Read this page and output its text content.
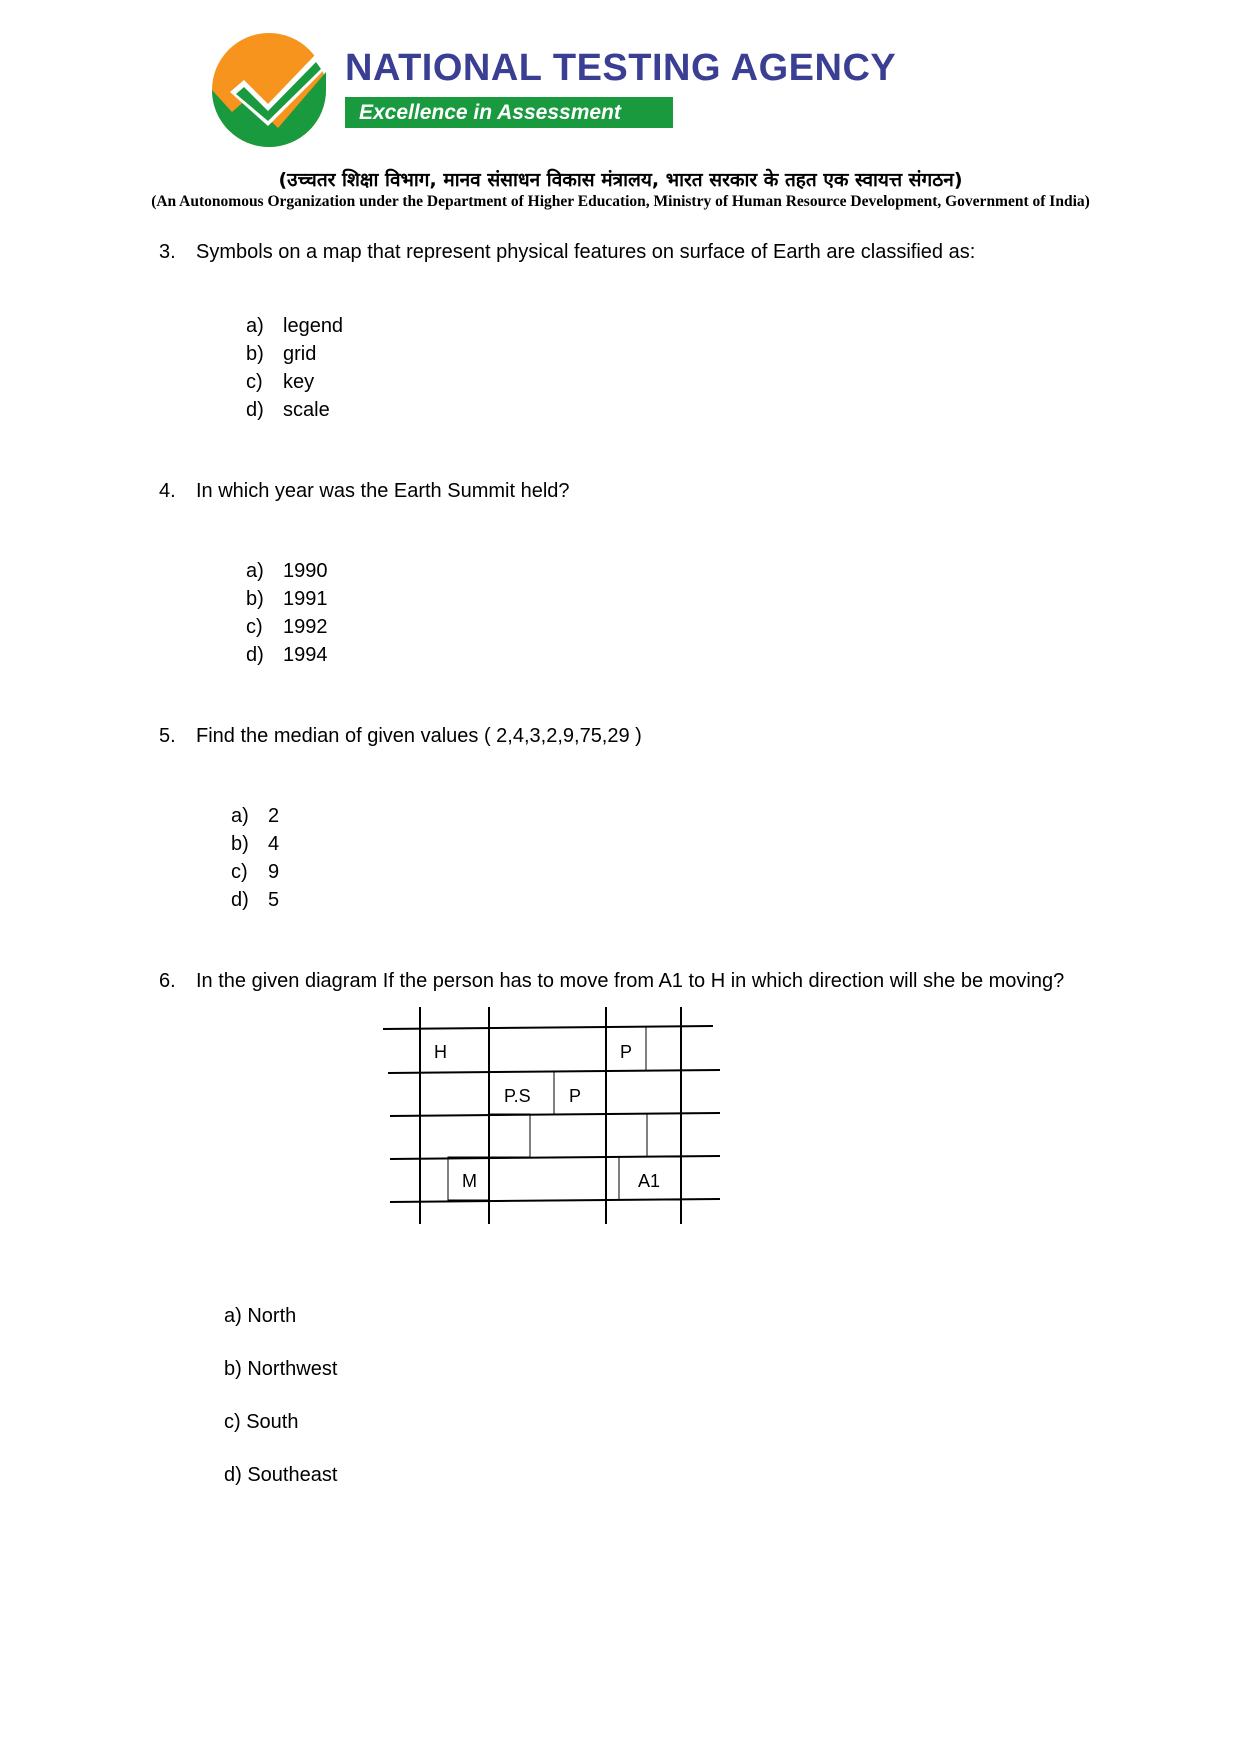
NATIONAL TESTING AGENCY
Excellence in Assessment
(उच्चतर शिक्षा विभाग, मानव संसाधन विकास मंत्रालय, भारत सरकार के तहत एक स्वायत्त संगठन)
(An Autonomous Organization under the Department of Higher Education, Ministry of Human Resource Development, Government of India)
3. Symbols on a map that represent physical features on surface of Earth are classified as:
a) legend
b) grid
c) key
d) scale
4. In which year was the Earth Summit held?
a) 1990
b) 1991
c) 1992
d) 1994
5. Find the median of given values ( 2,4,3,2,9,75,29 )
a) 2
b) 4
c) 9
d) 5
6. In the given diagram If the person has to move from A1 to H in which direction will she be moving?
H	P
P.S P
M	A1
a) North
b) Northwest
c) South
d) Southeast
